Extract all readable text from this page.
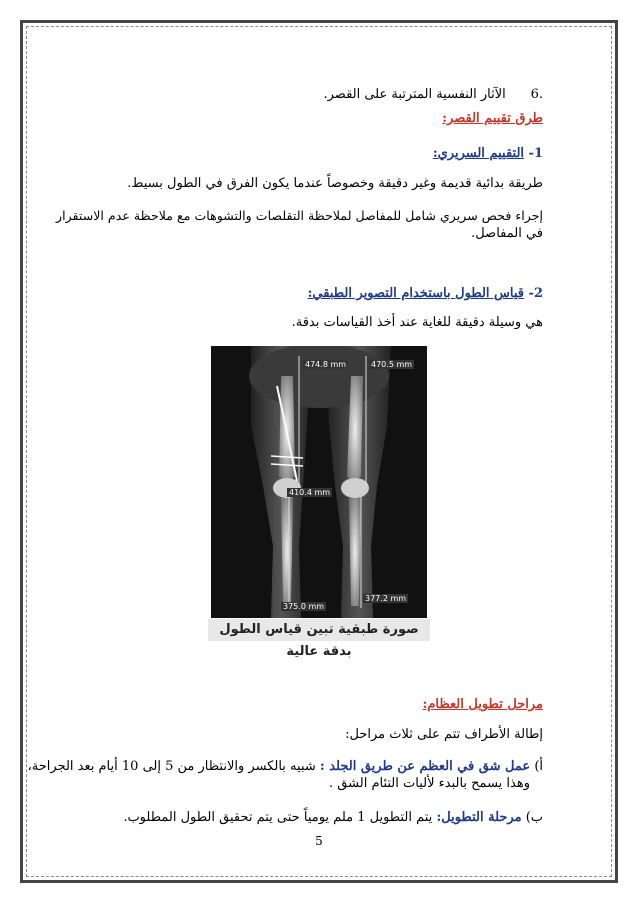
.6      الآثار النفسية المترتبة على القصر.
طرق تقييم القصر:
1- التقييم السريري:
طريقة بدائية قديمة وغير دقيقة وخصوصاً عندما يكون الفرق في الطول بسيط.
إجراء فحص سريري شامل للمفاصل لملاحظة التقلصات والتشوهات مع ملاحظة عدم الاستقرار
في المفاصل.
2- قياس الطول باستخدام التصوير الطبقي:
هي وسيلة دقيقة للغاية عند أخذ القياسات بدقة.
474.8 mm	470.5 mm
410.4 mm
375.0 mm
377.2 mm
صورة طبقية تبين قياس الطول بدقة عالية
مراحل تطويل العظام:
إطالة الأطراف تتم على ثلاث مراحل:
أ) عمل شق في العظم عن طريق الجلد : شبيه بالكسر والانتظار من 5 إلى 10 أيام بعد الجراحة،
وهذا يسمح بالبدء لأليات التئام الشق .
ب) مرحلة التطويل: يتم التطويل 1 ملم يومياً حتى يتم تحقيق الطول المطلوب.
5
